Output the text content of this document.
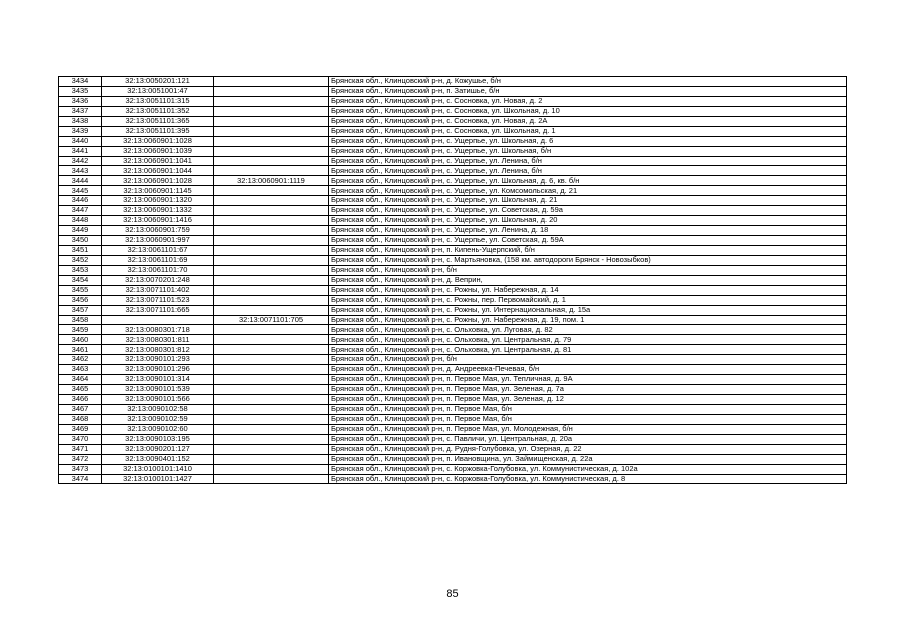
3434	32:13:0050201:121		Брянская обл., Клинцовский р-н, д. Кожушье, б/н
3435	32:13:0051001:47		Брянская обл., Клинцовский р-н, п. Затишье, б/н
3436	32:13:0051101:315		Брянская обл., Клинцовский р-н, с. Сосновка, ул. Новая, д. 2
3437	32:13:0051101:352		Брянская обл., Клинцовский р-н, с. Сосновка, ул. Школьная, д. 10
3438	32:13:0051101:365		Брянская обл., Клинцовский р-н, с. Сосновка, ул. Новая, д. 2А
3439	32:13:0051101:395		Брянская обл., Клинцовский р-н, с. Сосновка, ул. Школьная, д. 1
3440	32:13:0060901:1028		Брянская обл., Клинцовский р-н, с. Ущерпье, ул. Школьная, д. 6
3441	32:13:0060901:1039		Брянская обл., Клинцовский р-н, с. Ущерпье, ул. Школьная, б/н
3442	32:13:0060901:1041		Брянская обл., Клинцовский р-н, с. Ущерпье, ул. Ленина, б/н
3443	32:13:0060901:1044		Брянская обл., Клинцовский р-н, с. Ущерпье, ул. Ленина, б/н
3444	32:13:0060901:1028	32:13:0060901:1119	Брянская обл., Клинцовский р-н, с. Ущерпье, ул. Школьная, д. 6, кв. б/н
3445	32:13:0060901:1145		Брянская обл., Клинцовский р-н, с. Ущерпье, ул. Комсомольская, д. 21
3446	32:13:0060901:1320		Брянская обл., Клинцовский р-н, с. Ущерпье, ул. Школьная, д. 21
3447	32:13:0060901:1332		Брянская обл., Клинцовский р-н, с. Ущерпье, ул. Советская, д. 59а
3448	32:13:0060901:1416		Брянская обл., Клинцовский р-н, с. Ущерпье, ул. Школьная, д. 20
3449	32:13:0060901:759		Брянская обл., Клинцовский р-н, с. Ущерпье, ул. Ленина, д. 18
3450	32:13:0060901:997		Брянская обл., Клинцовский р-н, с. Ущерпье, ул. Советская, д. 59А
3451	32:13:0061101:67		Брянская обл., Клинцовский р-н, п. Кипень-Ущерпский, б/н
3452	32:13:0061101:69		Брянская обл., Клинцовский р-н, с. Мартьяновка, (158 км. автодороги Брянск - Новозыбков)
3453	32:13:0061101:70		Брянская обл., Клинцовский р-н, б/н
3454	32:13:0070201:248		Брянская обл., Клинцовский р-н, д. Веприн,
3455	32:13:0071101:402		Брянская обл., Клинцовский р-н, с. Рожны, ул. Набережная, д. 14
3456	32:13:0071101:523		Брянская обл., Клинцовский р-н, с. Рожны, пер. Первомайский, д. 1
3457	32:13:0071101:665		Брянская обл., Клинцовский р-н, с. Рожны, ул. Интернациональная, д. 15а
3458		32:13:0071101:705	Брянская обл., Клинцовский р-н, с. Рожны, ул. Набережная, д. 19, пом. 1
3459	32:13:0080301:718		Брянская обл., Клинцовский р-н, с. Ольховка, ул. Луговая, д. 82
3460	32:13:0080301:811		Брянская обл., Клинцовский р-н, с. Ольховка, ул. Центральная, д. 79
3461	32:13:0080301:812		Брянская обл., Клинцовский р-н, с. Ольховка, ул. Центральная, д. 81
3462	32:13:0090101:293		Брянская обл., Клинцовский р-н, б/н
3463	32:13:0090101:296		Брянская обл., Клинцовский р-н, д. Андреевка-Печевая, б/н
3464	32:13:0090101:314		Брянская обл., Клинцовский р-н, п. Первое Мая, ул. Тепличная, д. 9А
3465	32:13:0090101:539		Брянская обл., Клинцовский р-н, п. Первое Мая, ул. Зеленая, д. 7а
3466	32:13:0090101:566		Брянская обл., Клинцовский р-н, п. Первое Мая, ул. Зеленая, д. 12
3467	32:13:0090102:58		Брянская обл., Клинцовский р-н, п. Первое Мая, б/н
3468	32:13:0090102:59		Брянская обл., Клинцовский р-н, п. Первое Мая, б/н
3469	32:13:0090102:60		Брянская обл., Клинцовский р-н, п. Первое Мая, ул. Молодежная, б/н
3470	32:13:0090103:195		Брянская обл., Клинцовский р-н, с. Павличи, ул. Центральная, д. 20а
3471	32:13:0090201:127		Брянская обл., Клинцовский р-н, д. Рудня-Голубовка, ул. Озерная, д. 22
3472	32:13:0090401:152		Брянская обл., Клинцовский р-н, п. Ивановщина, ул. Займищенская, д. 22а
3473	32:13:0100101:1410		Брянская обл., Клинцовский р-н, с. Коржовка-Голубовка, ул. Коммунистическая, д. 102а
3474	32:13:0100101:1427		Брянская обл., Клинцовский р-н, с. Коржовка-Голубовка, ул. Коммунистическая, д. 8
85
